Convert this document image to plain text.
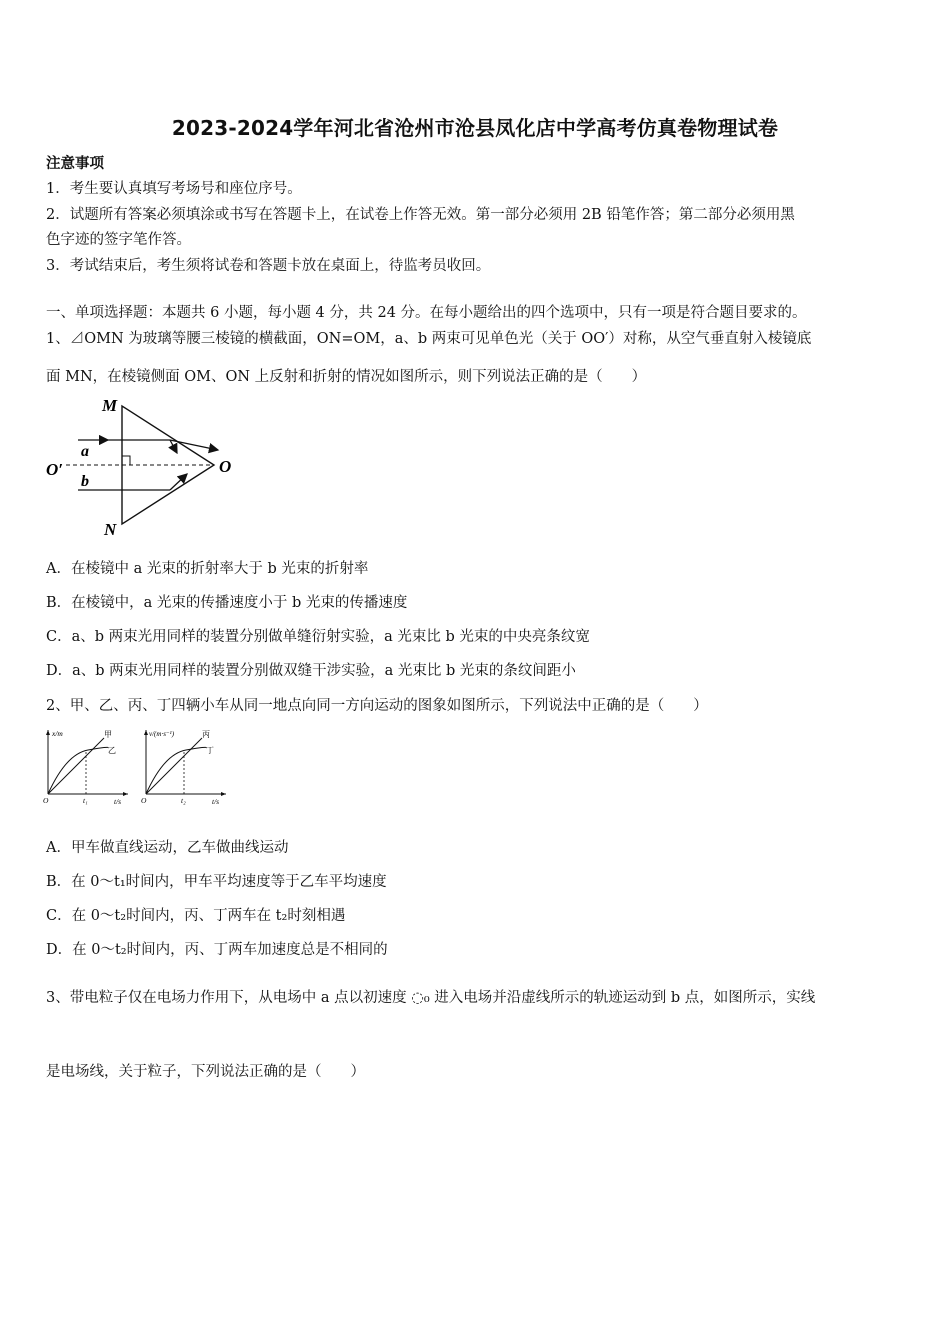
2023-2024学年河北省沧州市沧县凤化店中学高考仿真卷物理试卷
注意事项
1．考生要认真填写考场号和座位序号。
2．试题所有答案必须填涂或书写在答题卡上，在试卷上作答无效。第一部分必须用 2B 铅笔作答；第二部分必须用黑
色字迹的签字笔作答。
3．考试结束后，考生须将试卷和答题卡放在桌面上，待监考员收回。
一、单项选择题：本题共 6 小题，每小题 4 分，共 24 分。在每小题给出的四个选项中，只有一项是符合题目要求的。
1、⊿OMN 为玻璃等腰三棱镜的横截面，ON=OM，a、b 两束可见单色光（关于 OO′）对称，从空气垂直射入棱镜底
面 MN，在棱镜侧面 OM、ON 上反射和折射的情况如图所示，则下列说法正确的是（　　）
M
N
O
O′
a
b
A．在棱镜中 a 光束的折射率大于 b 光束的折射率
B．在棱镜中，a 光束的传播速度小于 b 光束的传播速度
C．a、b 两束光用同样的装置分别做单缝衍射实验，a 光束比 b 光束的中央亮条纹宽
D．a、b 两束光用同样的装置分别做双缝干涉实验，a 光束比 b 光束的条纹间距小
2、甲、乙、丙、丁四辆小车从同一地点向同一方向运动的图象如图所示，下列说法中正确的是（　　）
x/m	甲
乙
O	t₁	t/s
v/(m·s⁻¹)	丙
丁
O	t₂	t/s
A．甲车做直线运动，乙车做曲线运动
B．在 0～t₁时间内，甲车平均速度等于乙车平均速度
C．在 0～t₂时间内，丙、丁两车在 t₂时刻相遇
D．在 0～t₂时间内，丙、丁两车加速度总是不相同的
3、带电粒子仅在电场力作用下，从电场中 a 点以初速度 ◌₀ 进入电场并沿虚线所示的轨迹运动到 b 点，如图所示，实线
是电场线，关于粒子，下列说法正确的是（　　）
